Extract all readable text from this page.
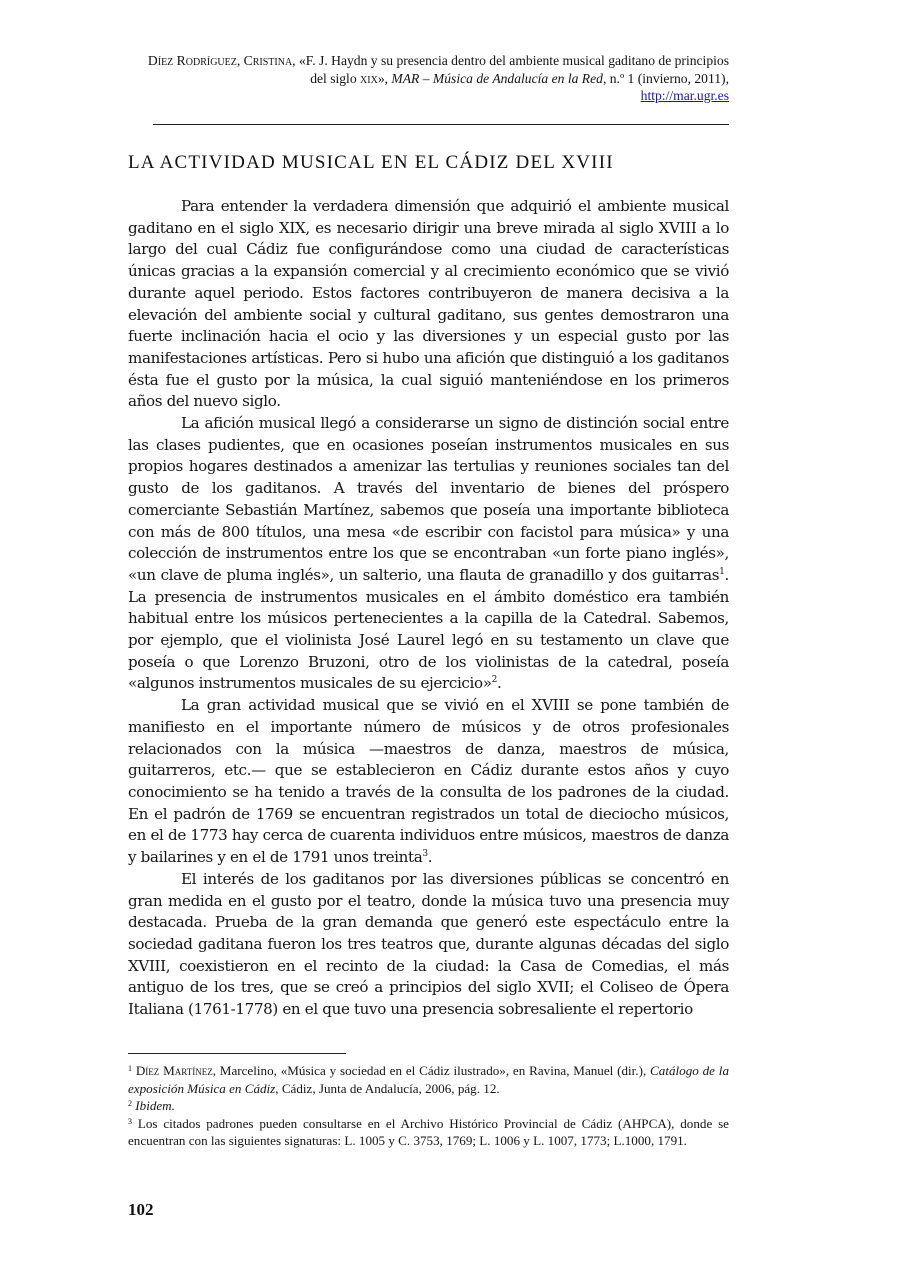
Díez Rodríguez, Cristina, «F. J. Haydn y su presencia dentro del ambiente musical gaditano de principios del siglo xix», MAR – Música de Andalucía en la Red, n.º 1 (invierno, 2011),
http://mar.ugr.es
LA ACTIVIDAD MUSICAL EN EL CÁDIZ DEL XVIII

Para entender la verdadera dimensión que adquirió el ambiente musical gaditano en el siglo XIX, es necesario dirigir una breve mirada al siglo XVIII a lo largo del cual Cádiz fue configurándose como una ciudad de características únicas gracias a la expansión comercial y al crecimiento económico que se vivió durante aquel periodo. Estos factores contribuyeron de manera decisiva a la elevación del ambiente social y cultural gaditano, sus gentes demostraron una fuerte inclinación hacia el ocio y las diversiones y un especial gusto por las manifestaciones artísticas. Pero si hubo una afición que distinguió a los gaditanos ésta fue el gusto por la música, la cual siguió manteniéndose en los primeros años del nuevo siglo.

La afición musical llegó a considerarse un signo de distinción social entre las clases pudientes, que en ocasiones poseían instrumentos musicales en sus propios hogares destinados a amenizar las tertulias y reuniones sociales tan del gusto de los gaditanos. A través del inventario de bienes del próspero comerciante Sebastián Martínez, sabemos que poseía una importante biblioteca con más de 800 títulos, una mesa «de escribir con facistol para música» y una colección de instrumentos entre los que se encontraban «un forte piano inglés», «un clave de pluma inglés», un salterio, una flauta de granadillo y dos guitarras$^1$. La presencia de instrumentos musicales en el ámbito doméstico era también habitual entre los músicos pertenecientes a la capilla de la Catedral. Sabemos, por ejemplo, que el violinista José Laurel legó en su testamento un clave que poseía o que Lorenzo Bruzoni, otro de los violinistas de la catedral, poseía «algunos instrumentos musicales de su ejercicio»$^2$.

La gran actividad musical que se vivió en el XVIII se pone también de manifiesto en el importante número de músicos y de otros profesionales relacionados con la música —maestros de danza, maestros de música, guitarreros, etc.— que se establecieron en Cádiz durante estos años y cuyo conocimiento se ha tenido a través de la consulta de los padrones de la ciudad. En el padrón de 1769 se encuentran registrados un total de dieciocho músicos, en el de 1773 hay cerca de cuarenta individuos entre músicos, maestros de danza y bailarines y en el de 1791 unos treinta$^3$.

El interés de los gaditanos por las diversiones públicas se concentró en gran medida en el gusto por el teatro, donde la música tuvo una presencia muy destacada. Prueba de la gran demanda que generó este espectáculo entre la sociedad gaditana fueron los tres teatros que, durante algunas décadas del siglo XVIII, coexistieron en el recinto de la ciudad: la Casa de Comedias, el más antiguo de los tres, que se creó a principios del siglo XVII; el Coliseo de Ópera Italiana (1761-1778) en el que tuvo una presencia sobresaliente el repertorio

$^1$ Díez Martínez, Marcelino, «Música y sociedad en el Cádiz ilustrado», en Ravina, Manuel (dir.), Catálogo de la exposición Música en Cádiz, Cádiz, Junta de Andalucía, 2006, pág. 12.

$^2$ Ibidem.

$^3$ Los citados padrones pueden consultarse en el Archivo Histórico Provincial de Cádiz (AHPCA), donde se encuentran con las siguientes signaturas: L. 1005 y C. 3753, 1769; L. 1006 y L. 1007, 1773; L.1000, 1791.

102
